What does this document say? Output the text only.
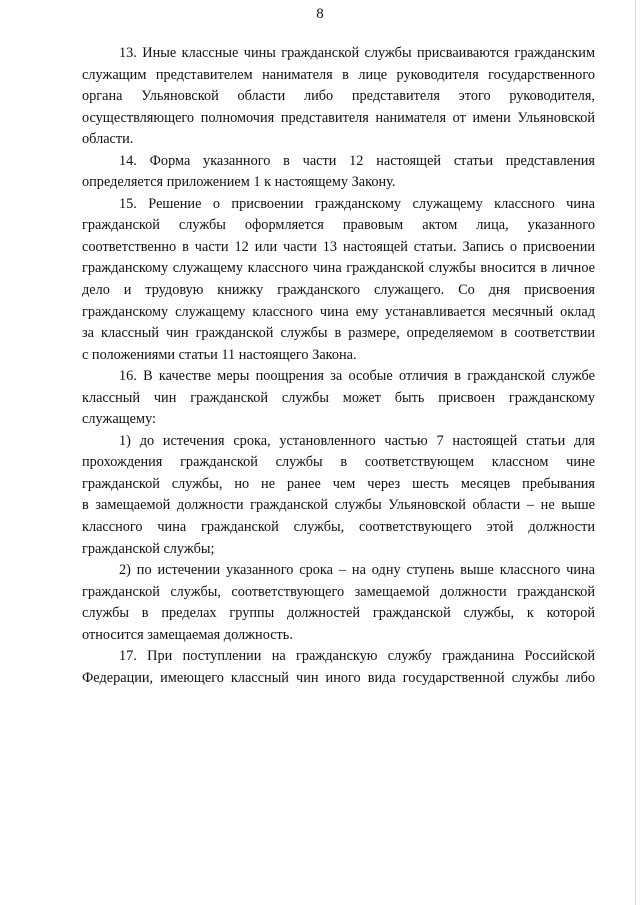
8
13. Иные классные чины гражданской службы присваиваются гражданским
служащим представителем нанимателя в лице руководителя государственного
органа Ульяновской области либо представителя этого руководителя,
осуществляющего полномочия представителя нанимателя от имени Ульяновской
области.
14. Форма указанного в части 12 настоящей статьи представления
определяется приложением 1 к настоящему Закону.
15. Решение о присвоении гражданскому служащему классного чина
гражданской службы оформляется правовым актом лица, указанного
соответственно в части 12 или части 13 настоящей статьи. Запись о присвоении
гражданскому служащему классного чина гражданской службы вносится в личное
дело и трудовую книжку гражданского служащего. Со дня присвоения
гражданскому служащему классного чина ему устанавливается месячный оклад
за классный чин гражданской службы в размере, определяемом в соответствии
с положениями статьи 11 настоящего Закона.
16. В качестве меры поощрения за особые отличия в гражданской службе
классный чин гражданской службы может быть присвоен гражданскому
служащему:
1) до истечения срока, установленного частью 7 настоящей статьи для
прохождения гражданской службы в соответствующем классном чине
гражданской службы, но не ранее чем через шесть месяцев пребывания
в замещаемой должности гражданской службы Ульяновской области – не выше
классного чина гражданской службы, соответствующего этой должности
гражданской службы;
2) по истечении указанного срока – на одну ступень выше классного чина
гражданской службы, соответствующего замещаемой должности гражданской
службы в пределах группы должностей гражданской службы, к которой
относится замещаемая должность.
17. При поступлении на гражданскую службу гражданина Российской
Федерации, имеющего классный чин иного вида государственной службы либо
